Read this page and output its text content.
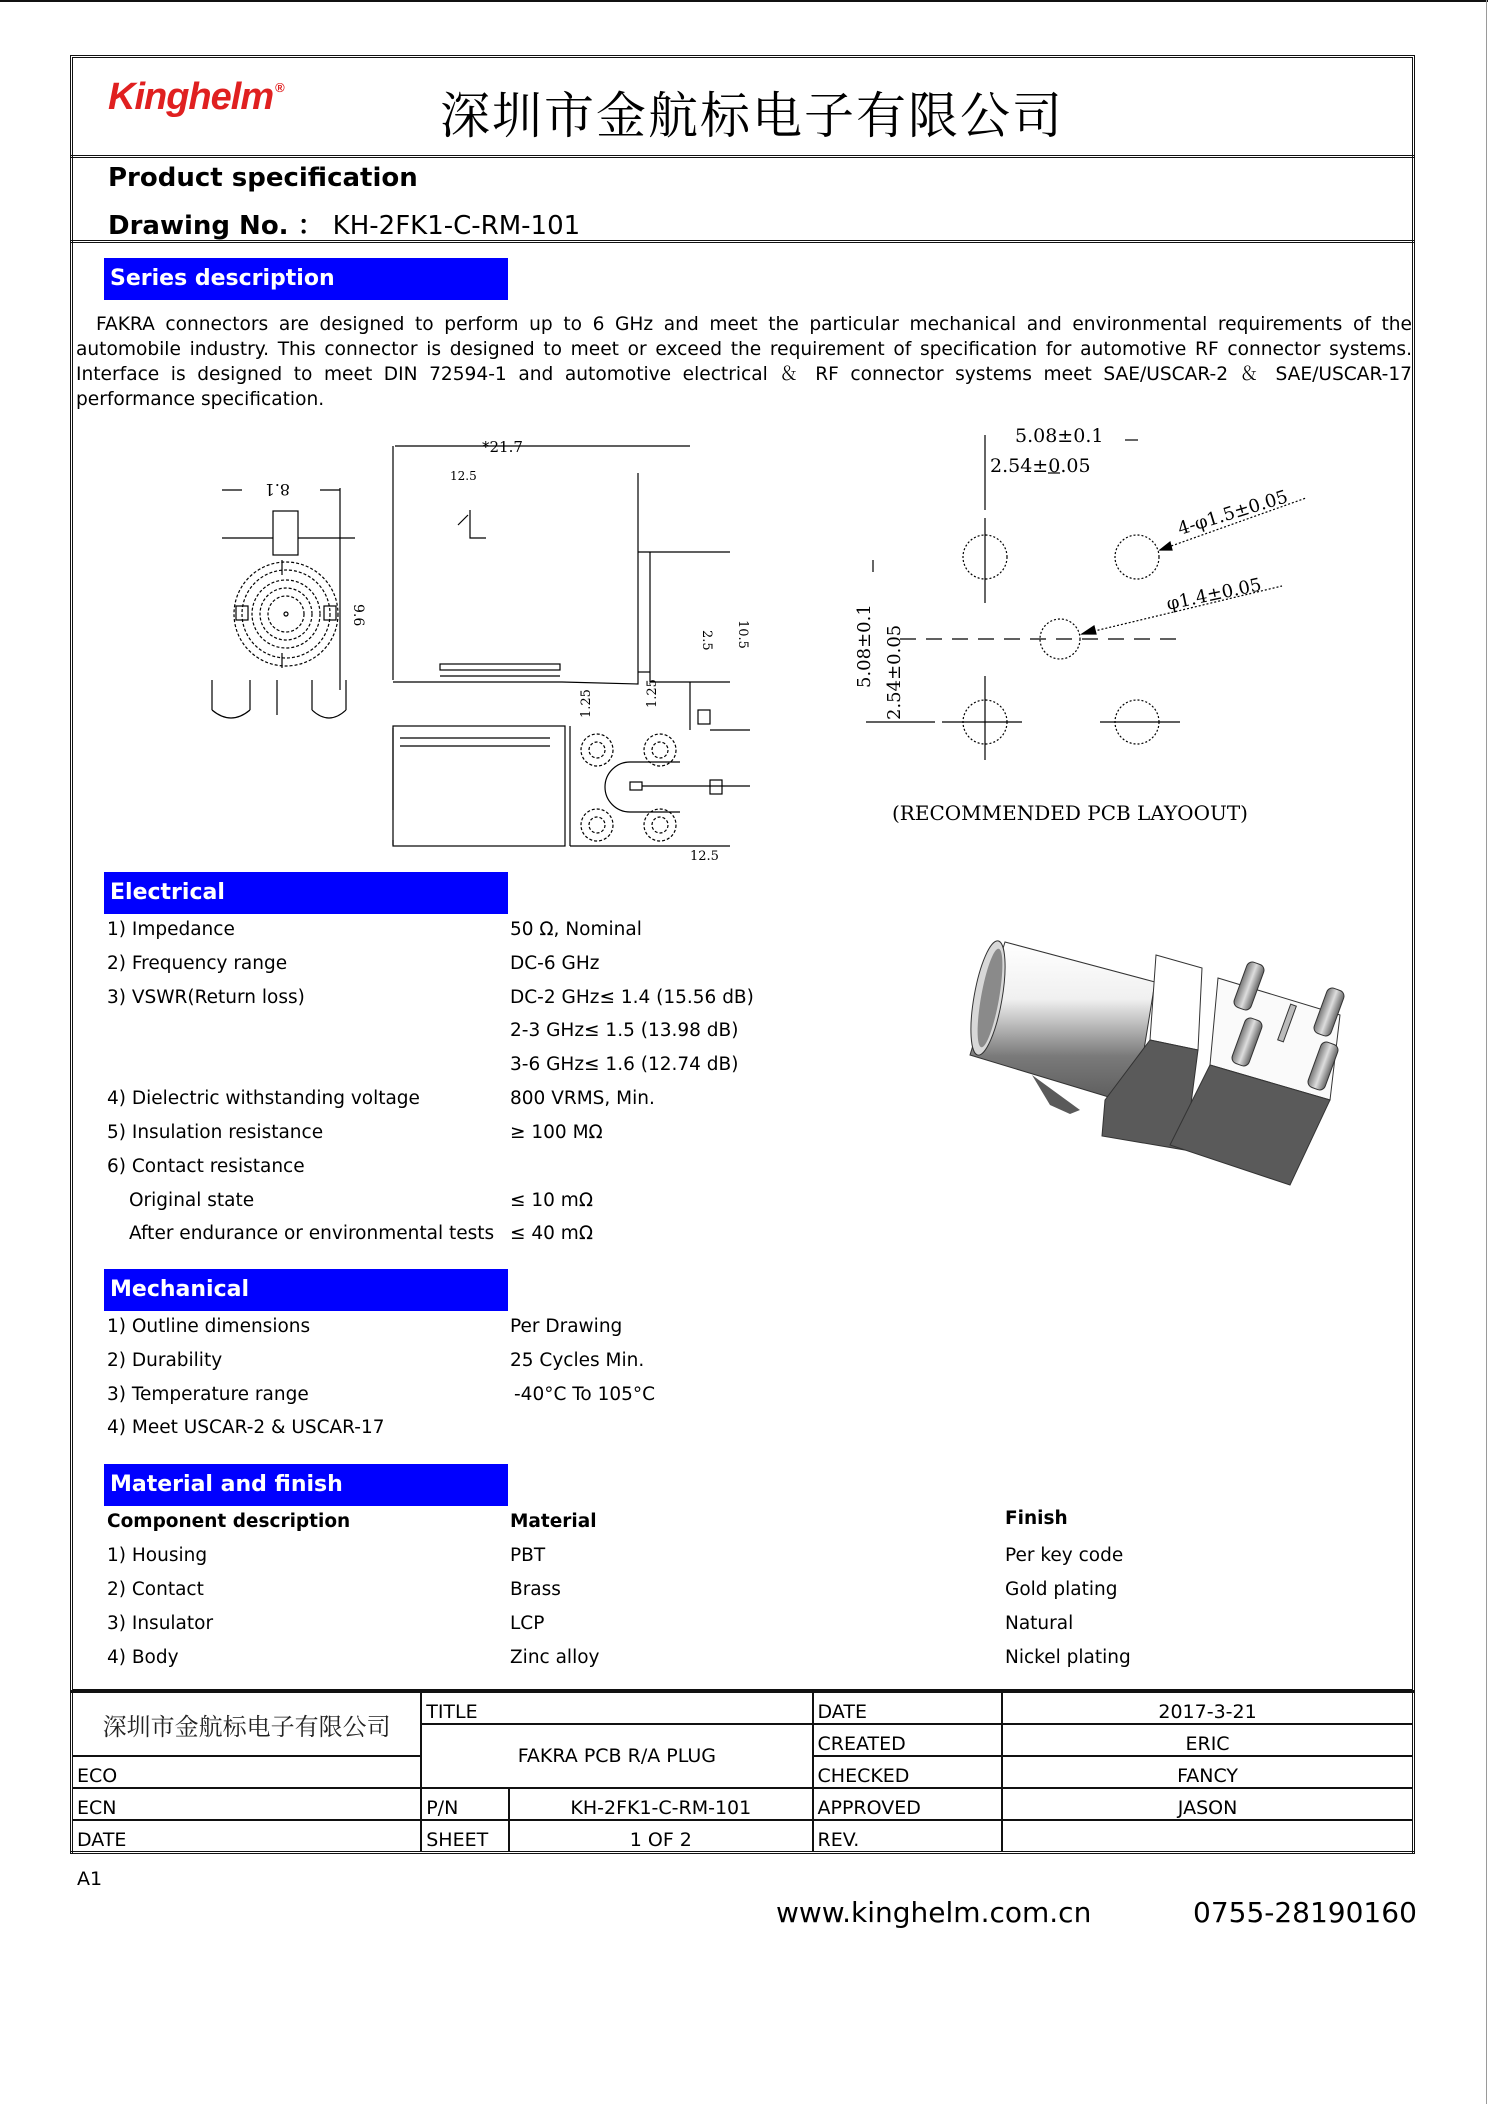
Kinghelm ®	深圳市金航标电子有限公司
Product specification
Drawing No. ： KH-2FK1-C-RM-101
Series description
FAKRA connectors are designed to perform up to 6 GHz and meet the particular mechanical and environmental requirements of the automobile industry. This connector is designed to meet or exceed the requirement of specification for automotive RF connector systems. Interface is designed to meet DIN 72594-1 and automotive electrical ＆ RF connector systems meet SAE/USCAR-2 ＆ SAE/USCAR-17 performance specification.
8.1
9.6
*21.7
12.5
2.5 10.5
1.25	1.25
12.5
5.08±0.1
2.54±0.05
4-φ1.5±0.05
φ1.4±0.05
5.08±0.1 2.54±0.05
(RECOMMENDED PCB LAYOOUT)
Electrical
1) Impedance	50 Ω, Nominal
2) Frequency range	DC-6 GHz
3) VSWR(Return loss)	DC-2 GHz≤ 1.4 (15.56 dB)
2-3 GHz≤ 1.5 (13.98 dB)
3-6 GHz≤ 1.6 (12.74 dB)
4) Dielectric withstanding voltage	800 VRMS, Min.
5) Insulation resistance	≥ 100 MΩ
6) Contact resistance
Original state	≤ 10 mΩ
After endurance or environmental tests ≤ 40 mΩ
Mechanical
1) Outline dimensions	Per Drawing
2) Durability	25 Cycles Min.
3) Temperature range	-40°C To 105°C
4) Meet USCAR-2 & USCAR-17
Material and finish
Component description	Material	Finish
1) Housing	PBT	Per key code
2) Contact	Brass	Gold plating
3) Insulator	LCP	Natural
4) Body	Zinc alloy	Nickel plating
深圳市金航标电子有限公司	TITLE		DATE	2017-3-21
	FAKRA PCB R/A PLUG		CREATED	ERIC
ECO			CHECKED	FANCY
ECN	P/N	KH-2FK1-C-RM-101	APPROVED	JASON
DATE	SHEET	1 OF 2	REV.	
A1
www.kinghelm.com.cn	0755-28190160
